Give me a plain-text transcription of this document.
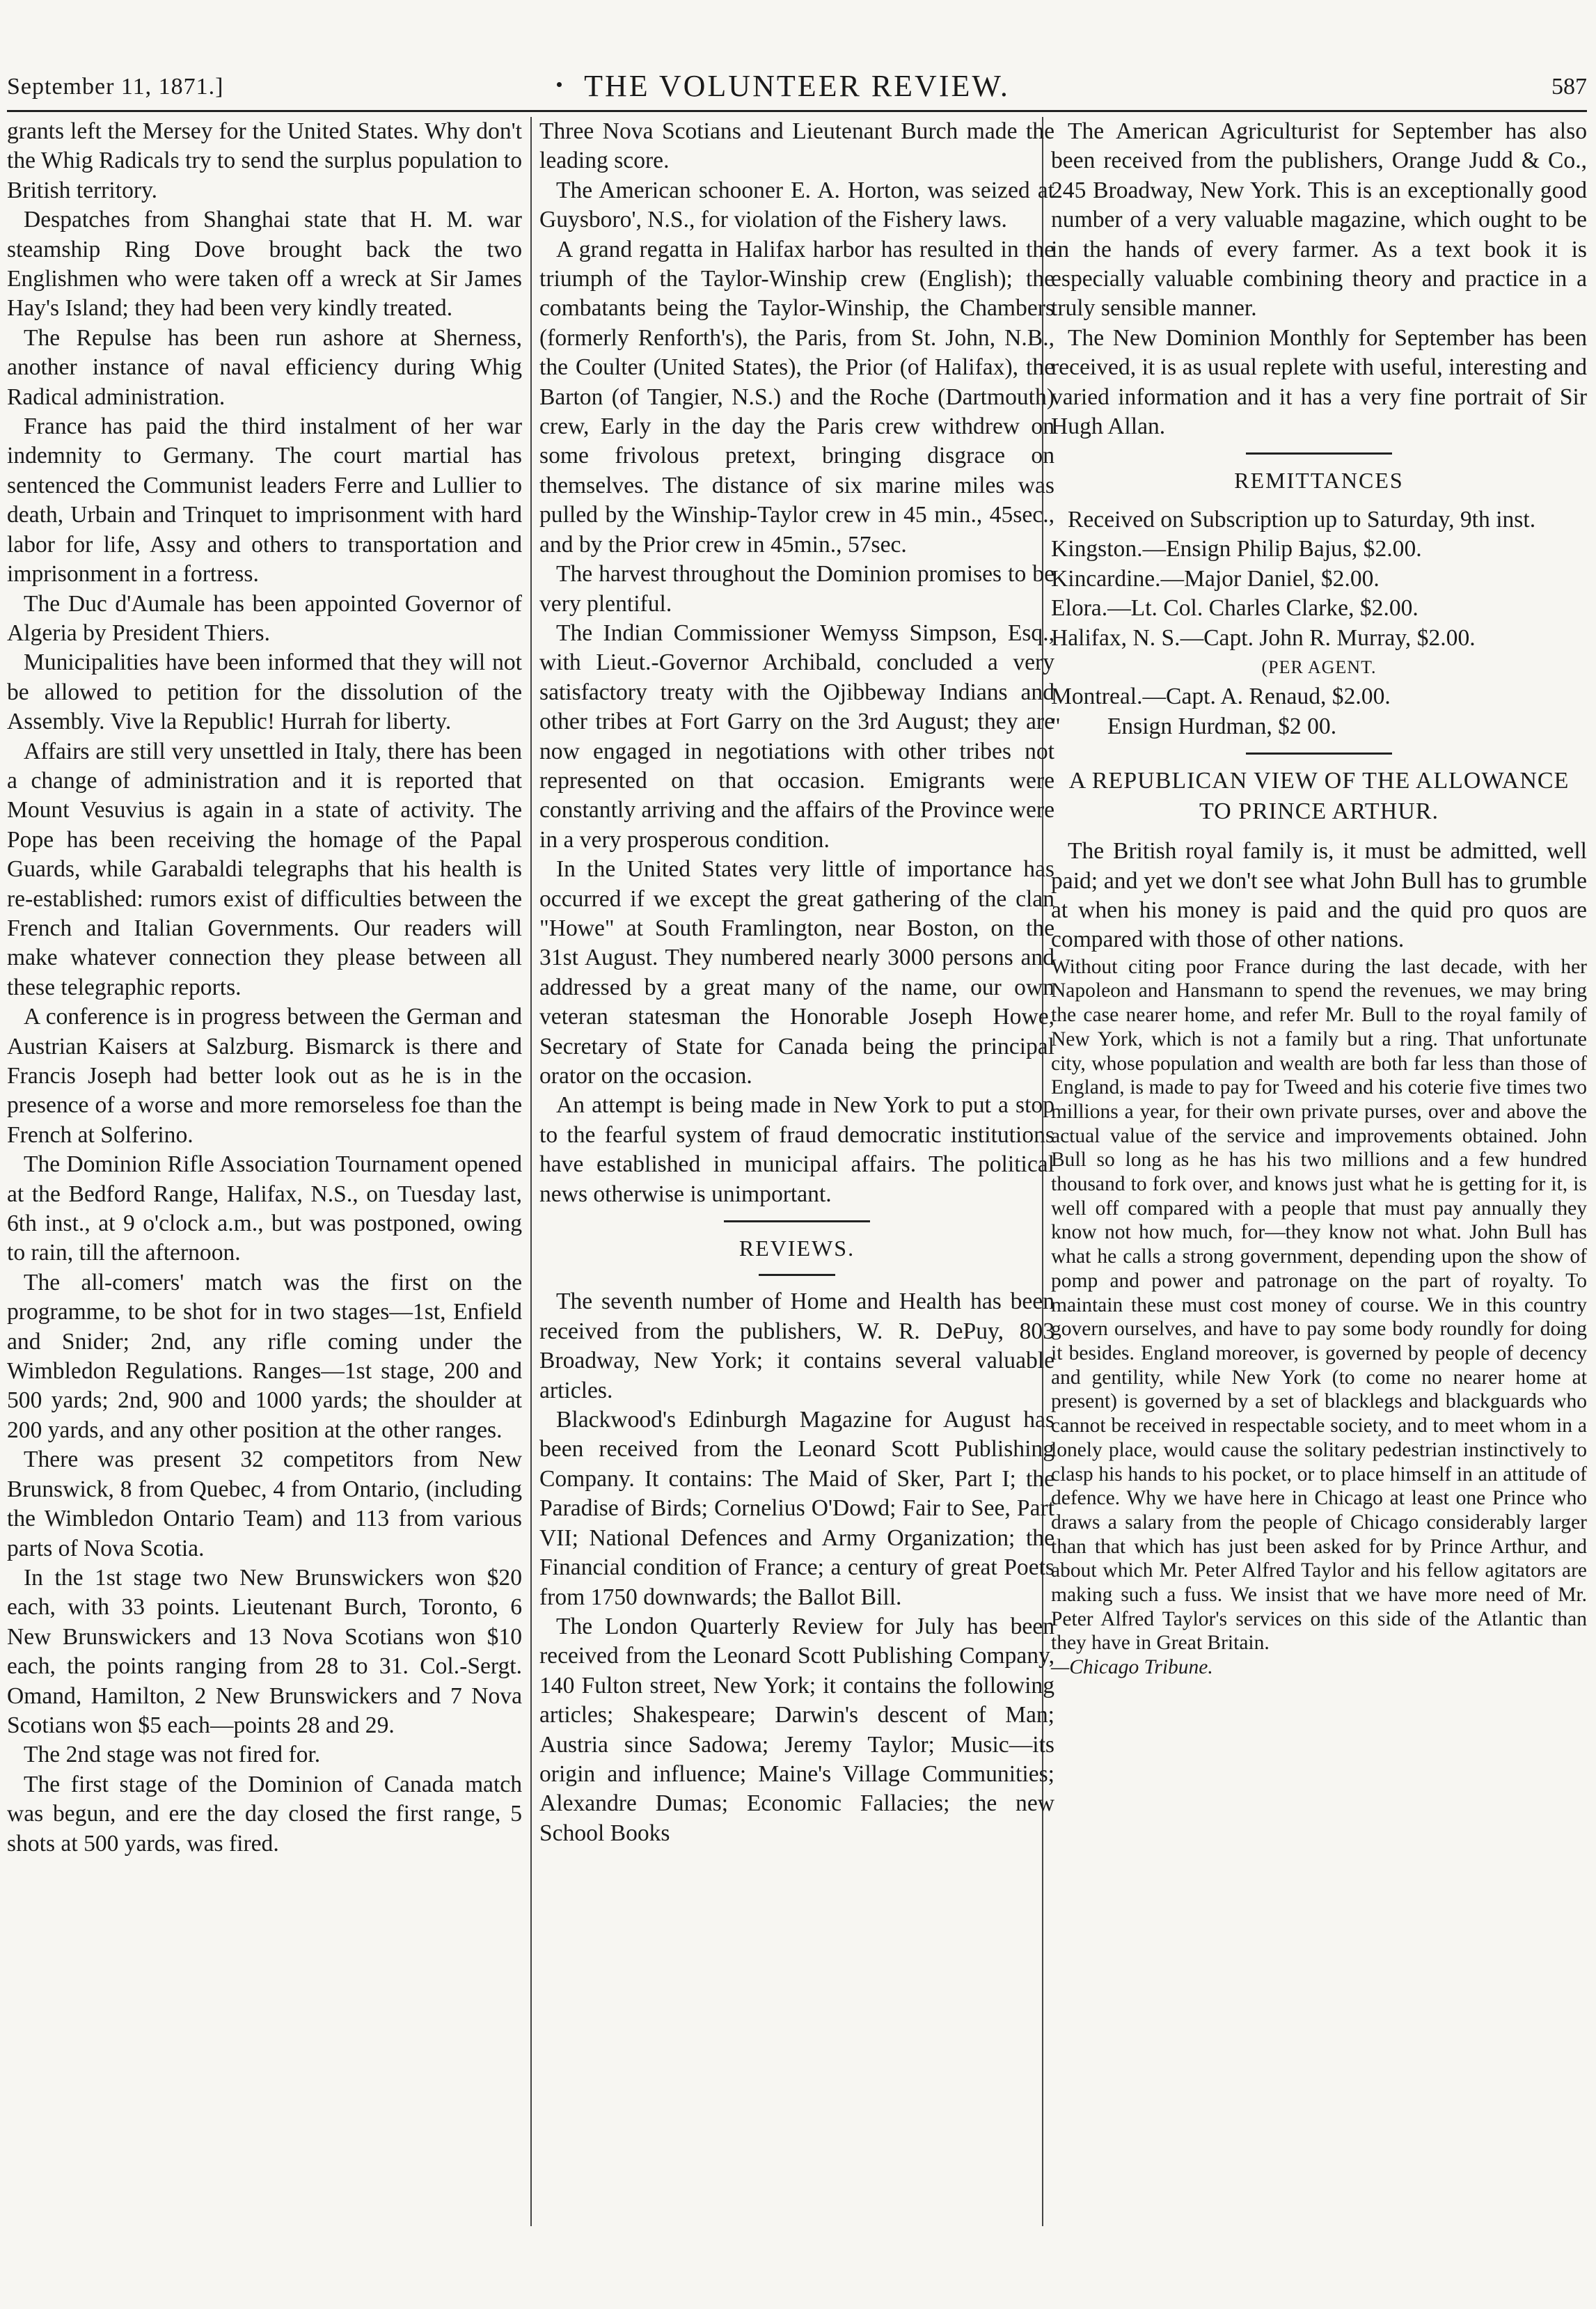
September 11, 1871.]	THE VOLUNTEER REVIEW.	587

grants left the Mersey for the United States. Why don't the Whig Radicals try to send the surplus population to British territory.

Despatches from Shanghai state that H. M. war steamship Ring Dove brought back the two Englishmen who were taken off a wreck at Sir James Hay's Island; they had been very kindly treated.

The Repulse has been run ashore at Sherness, another instance of naval efficiency during Whig Radical administration.

France has paid the third instalment of her war indemnity to Germany. The court martial has sentenced the Communist leaders Ferre and Lullier to death, Urbain and Trinquet to imprisonment with hard labor for life, Assy and others to transportation and imprisonment in a fortress.

The Duc d'Aumale has been appointed Governor of Algeria by President Thiers.

Municipalities have been informed that they will not be allowed to petition for the dissolution of the Assembly. Vive la Republic! Hurrah for liberty.

Affairs are still very unsettled in Italy, there has been a change of administration and it is reported that Mount Vesuvius is again in a state of activity. The Pope has been receiving the homage of the Papal Guards, while Garabaldi telegraphs that his health is re-established: rumors exist of difficulties between the French and Italian Governments. Our readers will make whatever connection they please between all these telegraphic reports.

A conference is in progress between the German and Austrian Kaisers at Salzburg. Bismarck is there and Francis Joseph had better look out as he is in the presence of a worse and more remorseless foe than the French at Solferino.

The Dominion Rifle Association Tournament opened at the Bedford Range, Halifax, N.S., on Tuesday last, 6th inst., at 9 o'clock a.m., but was postponed, owing to rain, till the afternoon.

The all-comers' match was the first on the programme, to be shot for in two stages—1st, Enfield and Snider; 2nd, any rifle coming under the Wimbledon Regulations. Ranges—1st stage, 200 and 500 yards; 2nd, 900 and 1000 yards; the shoulder at 200 yards, and any other position at the other ranges.

There was present 32 competitors from New Brunswick, 8 from Quebec, 4 from Ontario, (including the Wimbledon Ontario Team) and 113 from various parts of Nova Scotia.

In the 1st stage two New Brunswickers won $20 each, with 33 points. Lieutenant Burch, Toronto, 6 New Brunswickers and 13 Nova Scotians won $10 each, the points ranging from 28 to 31. Col.-Sergt. Omand, Hamilton, 2 New Brunswickers and 7 Nova Scotians won $5 each—points 28 and 29.

The 2nd stage was not fired for.

The first stage of the Dominion of Canada match was begun, and ere the day closed the first range, 5 shots at 500 yards, was fired.

Three Nova Scotians and Lieutenant Burch made the leading score.

The American schooner E. A. Horton, was seized at Guysboro', N.S., for violation of the Fishery laws.

A grand regatta in Halifax harbor has resulted in the triumph of the Taylor-Winship crew (English); the combatants being the Taylor-Winship, the Chambers (formerly Renforth's), the Paris, from St. John, N.B., the Coulter (United States), the Prior (of Halifax), the Barton (of Tangier, N.S.) and the Roche (Dartmouth) crew, Early in the day the Paris crew withdrew on some frivolous pretext, bringing disgrace on themselves. The distance of six marine miles was pulled by the Winship-Taylor crew in 45 min., 45sec., and by the Prior crew in 45min., 57sec.

The harvest throughout the Dominion promises to be very plentiful.

The Indian Commissioner Wemyss Simpson, Esq., with Lieut.-Governor Archibald, concluded a very satisfactory treaty with the Ojibbeway Indians and other tribes at Fort Garry on the 3rd August; they are now engaged in negotiations with other tribes not represented on that occasion. Emigrants were constantly arriving and the affairs of the Province were in a very prosperous condition.

In the United States very little of importance has occurred if we except the great gathering of the clan "Howe" at South Framlington, near Boston, on the 31st August. They numbered nearly 3000 persons and addressed by a great many of the name, our own veteran statesman the Honorable Joseph Howe, Secretary of State for Canada being the principal orator on the occasion.

An attempt is being made in New York to put a stop to the fearful system of fraud democratic institutions have established in municipal affairs. The political news otherwise is unimportant.

REVIEWS.

The seventh number of Home and Health has been received from the publishers, W. R. DePuy, 803 Broadway, New York; it contains several valuable articles.

Blackwood's Edinburgh Magazine for August has been received from the Leonard Scott Publishing Company. It contains: The Maid of Sker, Part I; the Paradise of Birds; Cornelius O'Dowd; Fair to See, Part VII; National Defences and Army Organization; the Financial condition of France; a century of great Poets from 1750 downwards; the Ballot Bill.

The London Quarterly Review for July has been received from the Leonard Scott Publishing Company, 140 Fulton street, New York; it contains the following articles; Shakespeare; Darwin's descent of Man; Austria since Sadowa; Jeremy Taylor; Music—its origin and influence; Maine's Village Communities; Alexandre Dumas; Economic Fallacies; the new School Books

The American Agriculturist for September has also been received from the publishers, Orange Judd & Co., 245 Broadway, New York. This is an exceptionally good number of a very valuable magazine, which ought to be in the hands of every farmer. As a text book it is especially valuable combining theory and practice in a truly sensible manner.

The New Dominion Monthly for September has been received, it is as usual replete with useful, interesting and varied information and it has a very fine portrait of Sir Hugh Allan.

REMITTANCES

Received on Subscription up to Saturday, 9th inst.

Kingston.—Ensign Philip Bajus, $2.00.

Kincardine.—Major Daniel, $2.00.

Elora.—Lt. Col. Charles Clarke, $2.00.

Halifax, N. S.—Capt. John R. Murray, $2.00.

(PER AGENT.

Montreal.—Capt. A. Renaud, $2.00.

"        Ensign Hurdman, $2 00.

A REPUBLICAN VIEW OF THE ALLOWANCE TO PRINCE ARTHUR.

The British royal family is, it must be admitted, well paid; and yet we don't see what John Bull has to grumble at when his money is paid and the quid pro quos are compared with those of other nations.

Without citing poor France during the last decade, with her Napoleon and Hansmann to spend the revenues, we may bring the case nearer home, and refer Mr. Bull to the royal family of New York, which is not a family but a ring. That unfortunate city, whose population and wealth are both far less than those of England, is made to pay for Tweed and his coterie five times two millions a year, for their own private purses, over and above the actual value of the service and improvements obtained. John Bull so long as he has his two millions and a few hundred thousand to fork over, and knows just what he is getting for it, is well off compared with a people that must pay annually they know not how much, for—they know not what. John Bull has what he calls a strong government, depending upon the show of pomp and power and patronage on the part of royalty. To maintain these must cost money of course. We in this country govern ourselves, and have to pay some body roundly for doing it besides. England moreover, is governed by people of decency and gentility, while New York (to come no nearer home at present) is governed by a set of blacklegs and blackguards who cannot be received in respectable society, and to meet whom in a lonely place, would cause the solitary pedestrian instinctively to clasp his hands to his pocket, or to place himself in an attitude of defence. Why we have here in Chicago at least one Prince who draws a salary from the people of Chicago considerably larger than that which has just been asked for by Prince Arthur, and about which Mr. Peter Alfred Taylor and his fellow agitators are making such a fuss. We insist that we have more need of Mr. Peter Alfred Taylor's services on this side of the Atlantic than they have in Great Britain.

—Chicago Tribune.
